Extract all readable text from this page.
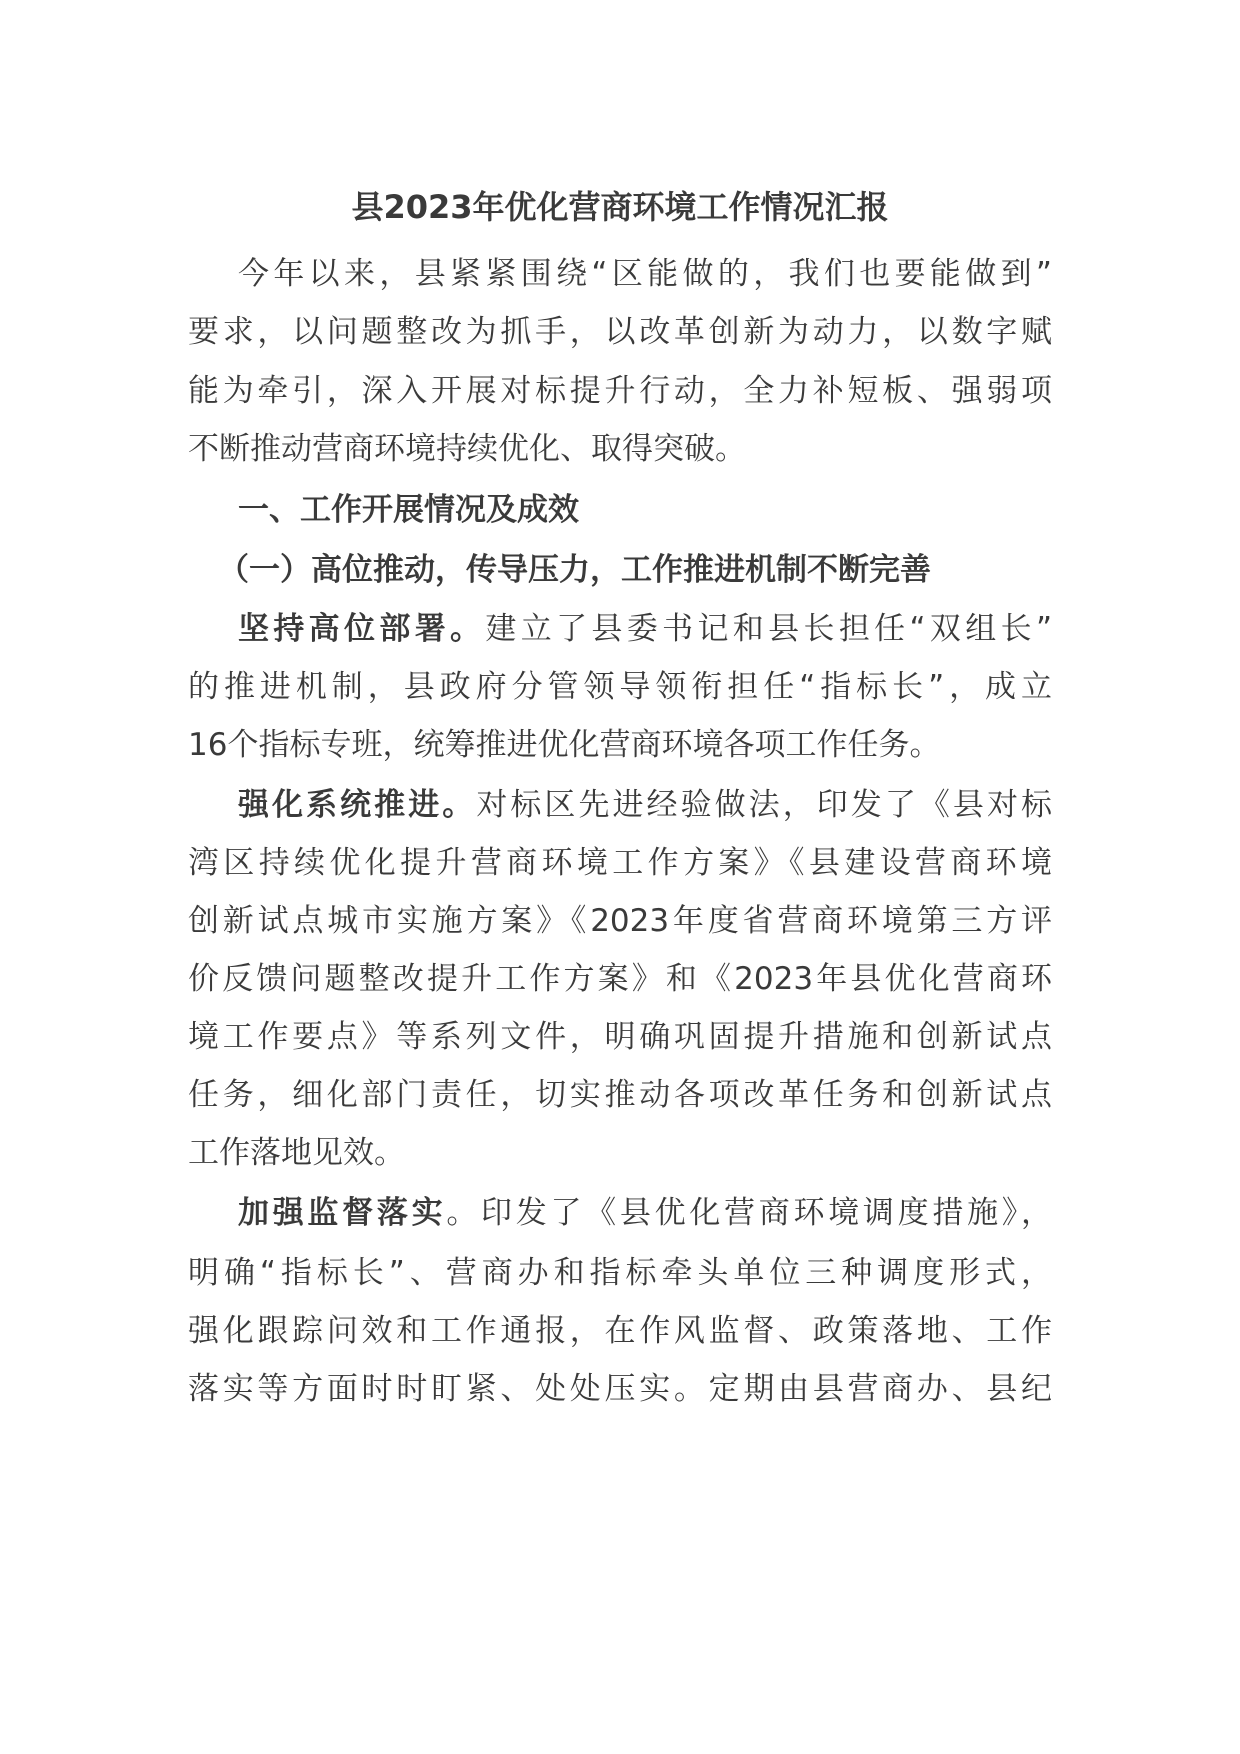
县2023年优化营商环境工作情况汇报
今年以来，县紧紧围绕“区能做的，我们也要能做到”
要求，以问题整改为抓手，以改革创新为动力，以数字赋
能为牵引，深入开展对标提升行动，全力补短板、强弱项
不断推动营商环境持续优化、取得突破。
一、工作开展情况及成效
（一）高位推动，传导压力，工作推进机制不断完善
坚持高位部署。建立了县委书记和县长担任“双组长”
的推进机制，县政府分管领导领衔担任“指标长”，成立
16个指标专班，统筹推进优化营商环境各项工作任务。
强化系统推进。对标区先进经验做法，印发了《县对标
湾区持续优化提升营商环境工作方案》《县建设营商环境
创新试点城市实施方案》《2023年度省营商环境第三方评
价反馈问题整改提升工作方案》和《2023年县优化营商环
境工作要点》等系列文件，明确巩固提升措施和创新试点
任务，细化部门责任，切实推动各项改革任务和创新试点
工作落地见效。
加强监督落实。印发了《县优化营商环境调度措施》，
明确“指标长”、营商办和指标牵头单位三种调度形式，
强化跟踪问效和工作通报，在作风监督、政策落地、工作
落实等方面时时盯紧、处处压实。定期由县营商办、县纪
